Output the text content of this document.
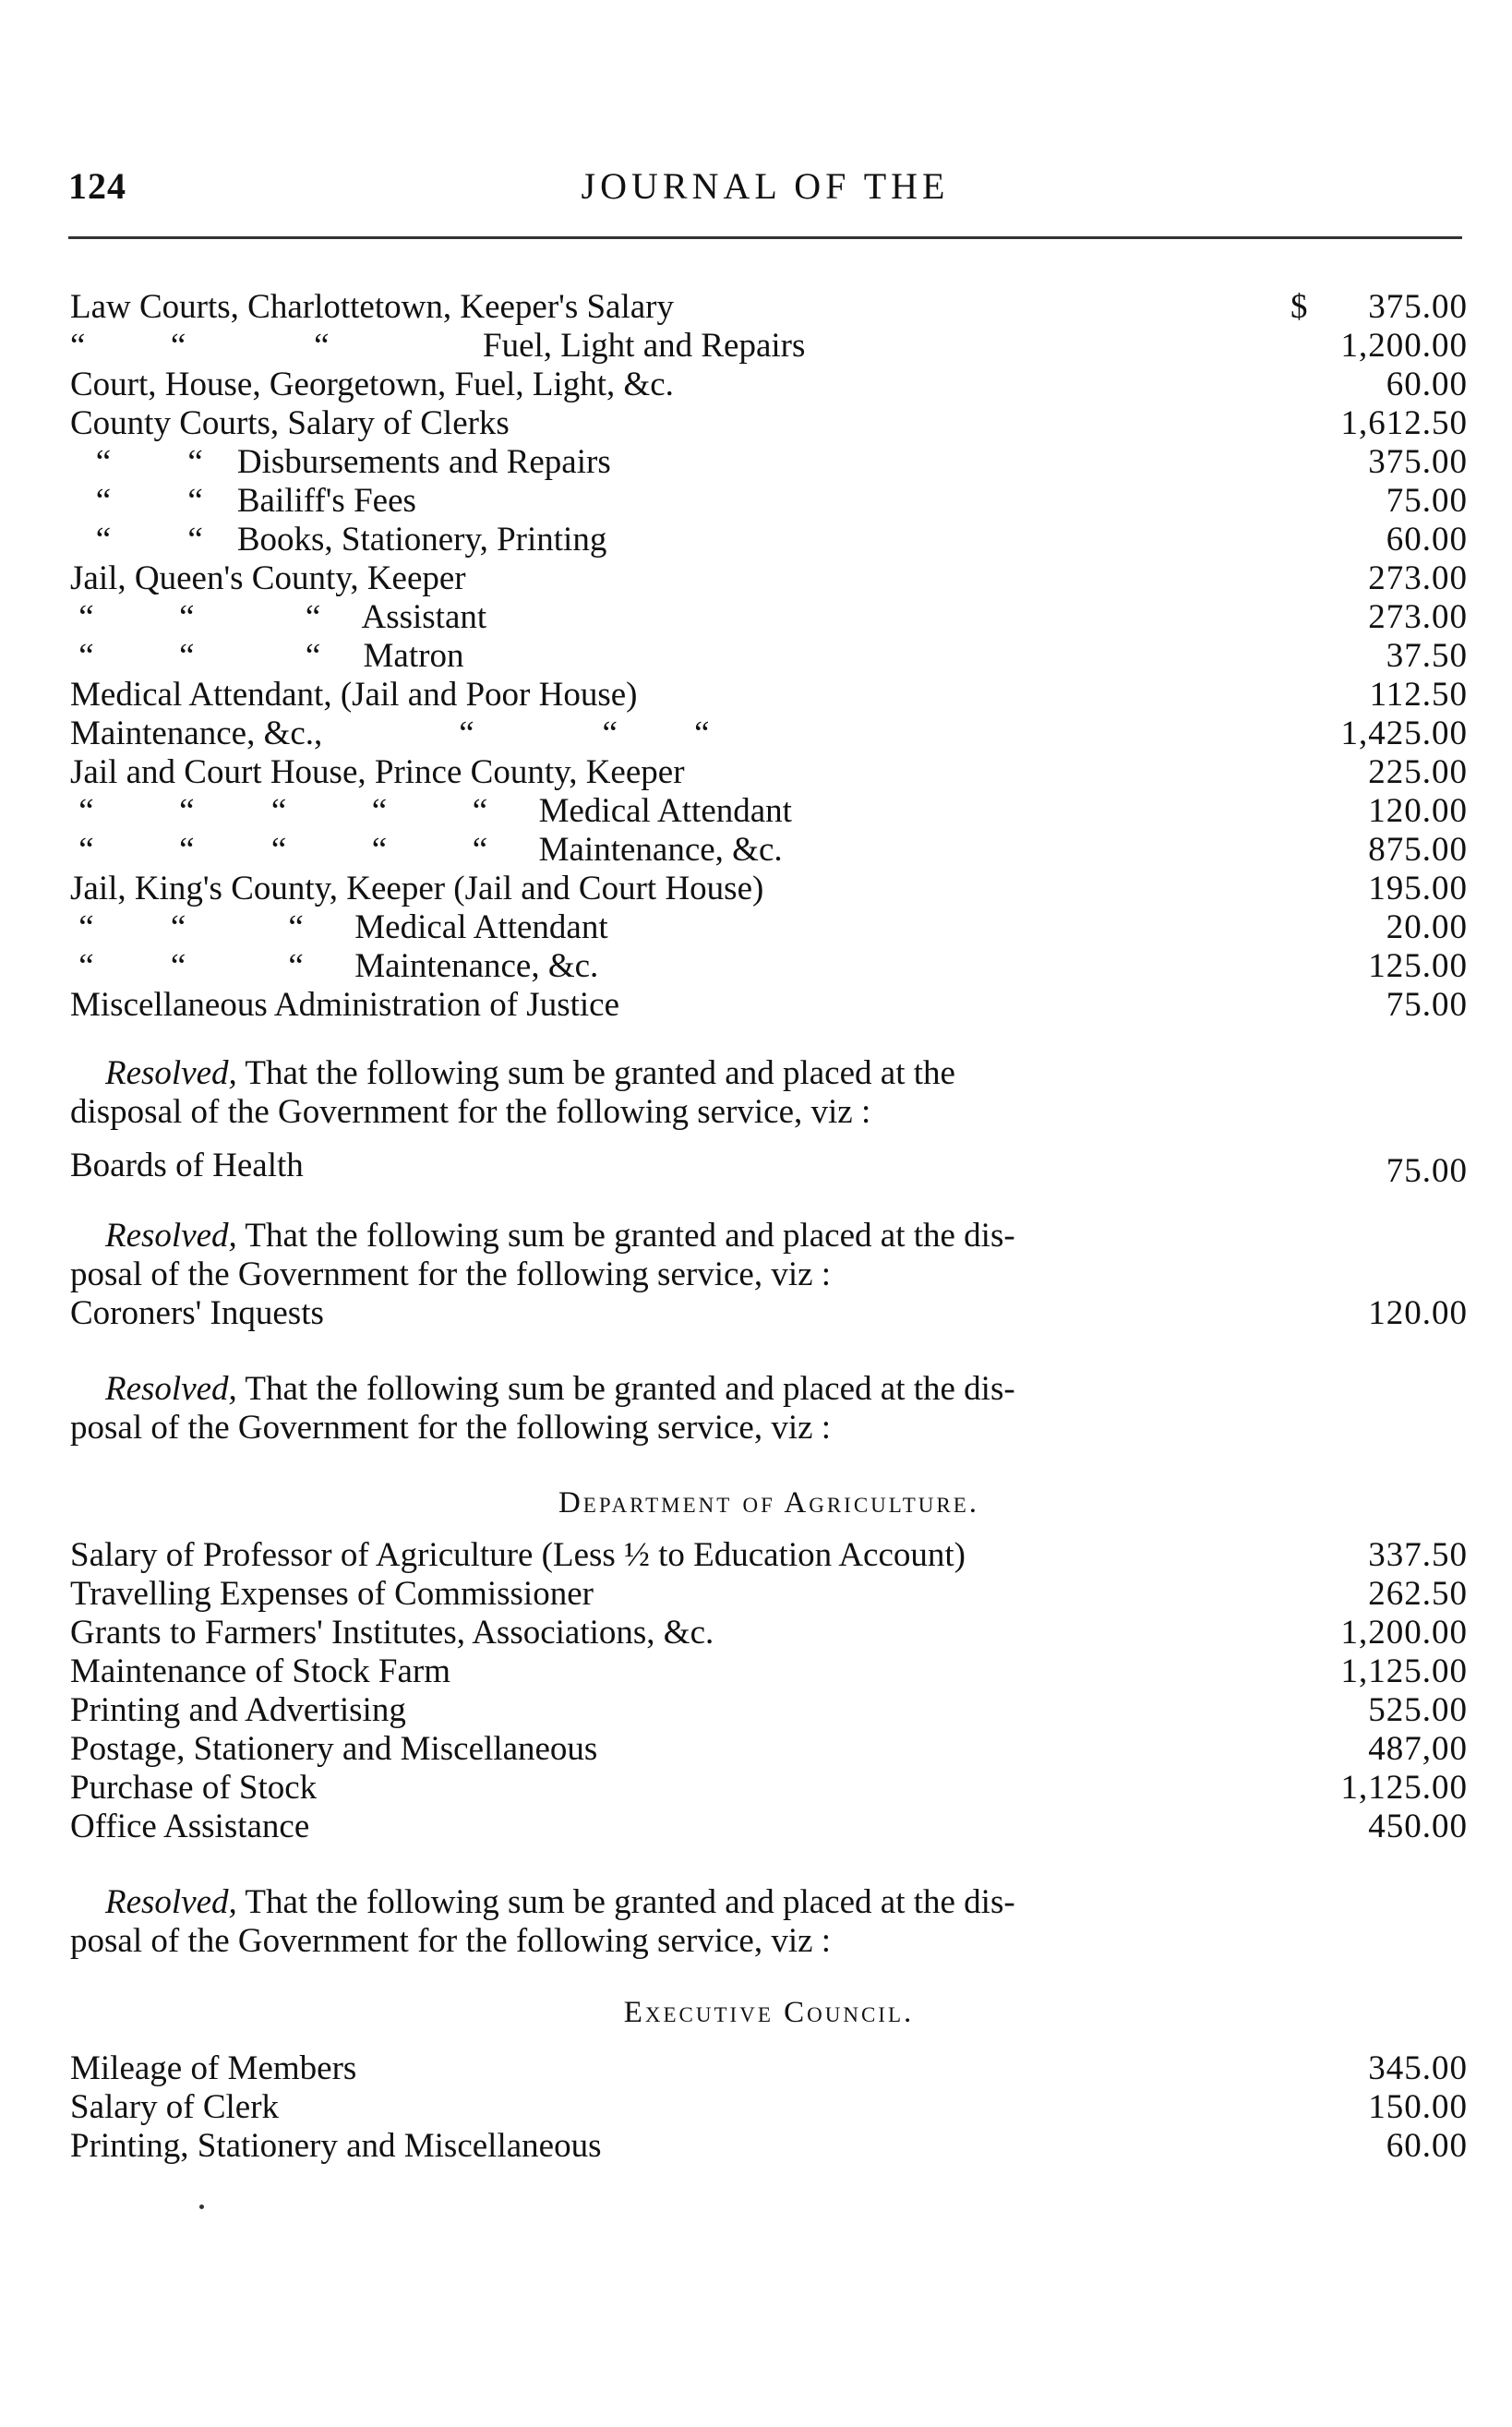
124	JOURNAL OF THE
Law Courts, Charlottetown, Keeper's Salary	$ 375.00
“          “               “                  Fuel, Light and Repairs	1,200.00
Court, House, Georgetown, Fuel, Light, &c.	60.00
County Courts, Salary of Clerks	1,612.50
“         “    Disbursements and Repairs	375.00
“         “    Bailiff's Fees	75.00
“         “    Books, Stationery, Printing	60.00
Jail, Queen's County, Keeper	273.00
“          “             “     Assistant	273.00
“          “             “     Matron	37.50
Medical Attendant, (Jail and Poor House)	112.50
Maintenance, &c.,                “               “         “	1,425.00
Jail and Court House, Prince County, Keeper	225.00
“          “         “          “          “      Medical Attendant	120.00
“          “         “          “          “      Maintenance, &c.	875.00
Jail, King's County, Keeper (Jail and Court House)	195.00
“         “            “      Medical Attendant	20.00
“         “            “      Maintenance, &c.	125.00
Miscellaneous Administration of Justice	75.00
Resolved, That the following sum be granted and placed at the
disposal of the Government for the following service, viz :
Boards of Health	75.00
Resolved, That the following sum be granted and placed at the dis-
posal of the Government for the following service, viz :
Coroners' Inquests	120.00
Resolved, That the following sum be granted and placed at the dis-
posal of the Government for the following service, viz :
Department of Agriculture.
Salary of Professor of Agriculture (Less ½ to Education Account)	337.50
Travelling Expenses of Commissioner	262.50
Grants to Farmers' Institutes, Associations, &c.	1,200.00
Maintenance of Stock Farm	1,125.00
Printing and Advertising	525.00
Postage, Stationery and Miscellaneous	487,00
Purchase of Stock	1,125.00
Office Assistance	450.00
Resolved, That the following sum be granted and placed at the dis-
posal of the Government for the following service, viz :
Executive Council.
Mileage of Members	345.00
Salary of Clerk	150.00
Printing, Stationery and Miscellaneous	60.00
